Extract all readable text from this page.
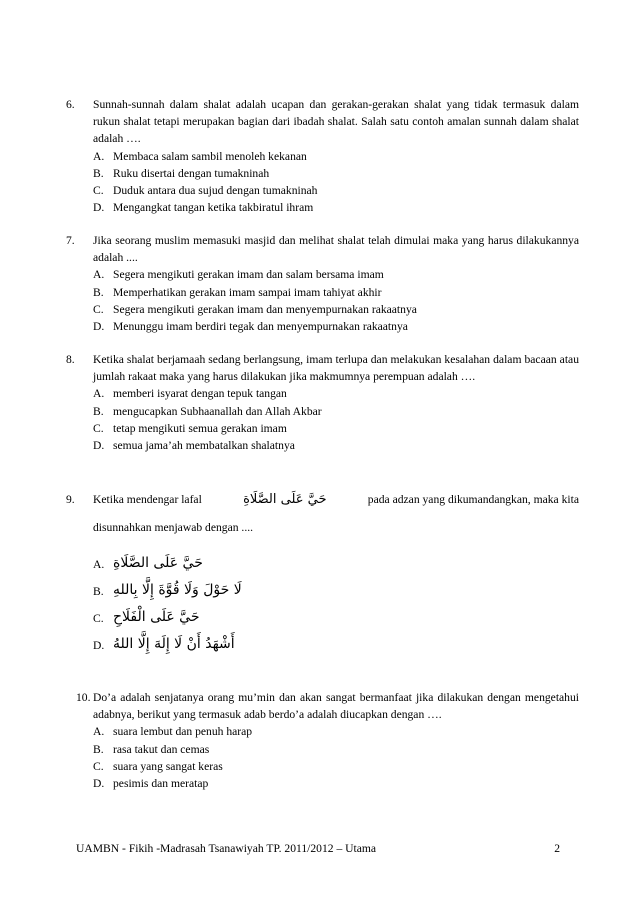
6. Sunnah-sunnah dalam shalat adalah ucapan dan gerakan-gerakan shalat yang tidak termasuk dalam rukun shalat tetapi merupakan bagian dari ibadah shalat. Salah satu contoh amalan sunnah dalam shalat adalah ….
A. Membaca salam sambil menoleh kekanan
B. Ruku disertai dengan tumakninah
C. Duduk antara dua sujud dengan tumakninah
D. Mengangkat tangan ketika takbiratul ihram
7. Jika seorang muslim memasuki masjid dan melihat shalat telah dimulai maka yang harus dilakukannya adalah ....
A. Segera mengikuti gerakan imam dan salam bersama imam
B. Memperhatikan gerakan imam sampai imam tahiyat akhir
C. Segera mengikuti gerakan imam dan menyempurnakan rakaatnya
D. Menunggu imam berdiri tegak dan menyempurnakan rakaatnya
8. Ketika shalat berjamaah sedang berlangsung, imam terlupa dan melakukan kesalahan dalam bacaan atau jumlah rakaat maka yang harus dilakukan jika makmumnya perempuan adalah ….
A. memberi isyarat dengan tepuk tangan
B. mengucapkan Subhaanallah dan Allah Akbar
C. tetap mengikuti semua gerakan imam
D. semua jama’ah membatalkan shalatnya
9. Ketika mendengar lafal	حَيَّ عَلَى الصَّلَاةِ	pada adzan yang dikumandangkan, maka kita
disunnahkan menjawab dengan ....
A. حَيَّ عَلَى الصَّلَاةِ
B. لَا حَوْلَ وَلَا قُوَّةَ إِلَّا بِاللهِ
C. حَيَّ عَلَى الْفَلَاحِ
D. أَشْهَدُ أَنْ لَا إِلَهَ إِلَّا اللهُ
10. Do’a adalah senjatanya orang mu’min dan akan sangat bermanfaat jika dilakukan dengan mengetahui adabnya, berikut yang termasuk adab berdo’a adalah diucapkan dengan ….
A. suara lembut dan penuh harap
B. rasa takut dan cemas
C. suara yang sangat keras
D. pesimis dan meratap
UAMBN - Fikih -Madrasah Tsanawiyah TP. 2011/2012 – Utama	2
